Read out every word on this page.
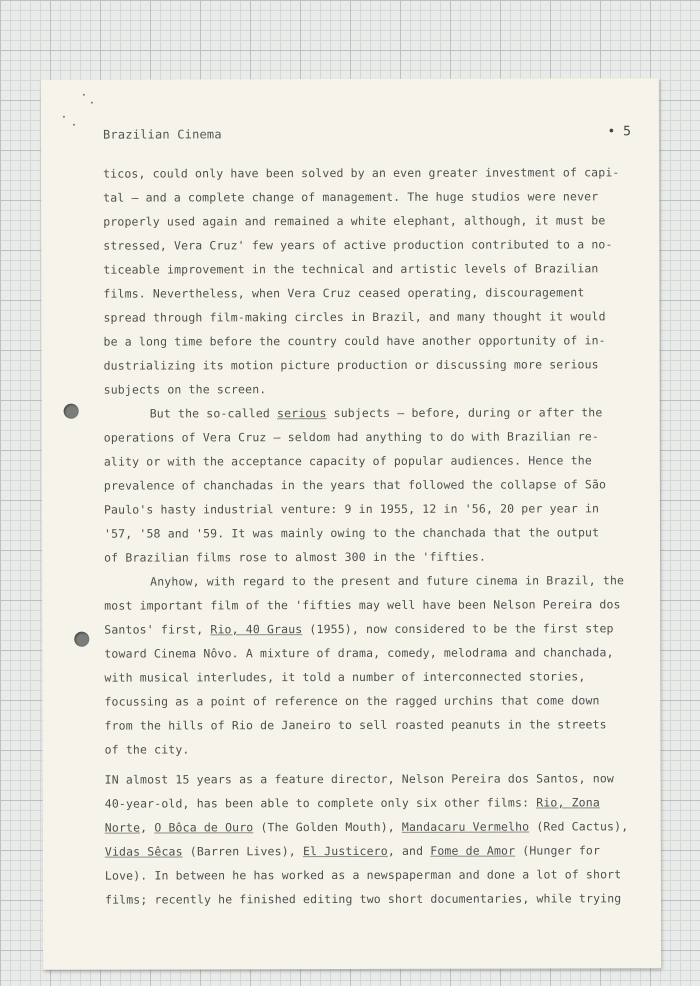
Brazilian Cinema	• 5
ticos, could only have been solved by an even greater investment of capi-
tal — and a complete change of management. The huge studios were never
properly used again and remained a white elephant, although, it must be
stressed, Vera Cruz' few years of active production contributed to a no-
ticeable improvement in the technical and artistic levels of Brazilian
films. Nevertheless, when Vera Cruz ceased operating, discouragement
spread through film-making circles in Brazil, and many thought it would
be a long time before the country could have another opportunity of in-
dustrializing its motion picture production or discussing more serious
subjects on the screen.
But the so-called serious subjects — before, during or after the
operations of Vera Cruz — seldom had anything to do with Brazilian re-
ality or with the acceptance capacity of popular audiences. Hence the
prevalence of chanchadas in the years that followed the collapse of São
Paulo's hasty industrial venture: 9 in 1955, 12 in '56, 20 per year in
'57, '58 and '59. It was mainly owing to the chanchada that the output
of Brazilian films rose to almost 300 in the 'fifties.
Anyhow, with regard to the present and future cinema in Brazil, the
most important film of the 'fifties may well have been Nelson Pereira dos
Santos' first, Rio, 40 Graus (1955), now considered to be the first step
toward Cinema Nôvo. A mixture of drama, comedy, melodrama and chanchada,
with musical interludes, it told a number of interconnected stories,
focussing as a point of reference on the ragged urchins that come down
from the hills of Rio de Janeiro to sell roasted peanuts in the streets
of the city.
IN almost 15 years as a feature director, Nelson Pereira dos Santos, now
40-year-old, has been able to complete only six other films: Rio, Zona
Norte, O Bôca de Ouro (The Golden Mouth), Mandacaru Vermelho (Red Cactus),
Vidas Sêcas (Barren Lives), El Justicero, and Fome de Amor (Hunger for
Love). In between he has worked as a newspaperman and done a lot of short
films; recently he finished editing two short documentaries, while trying
